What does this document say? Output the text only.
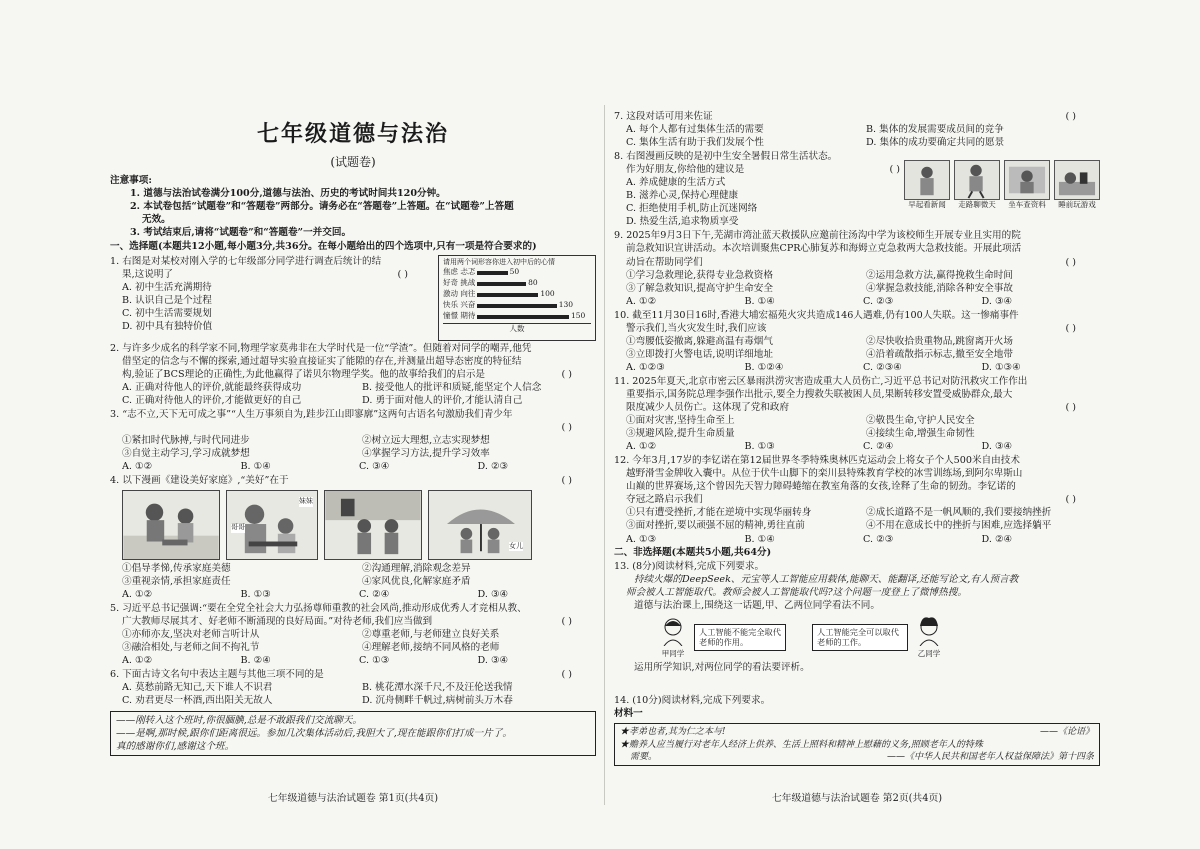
七年级道德与法治
(试题卷)
注意事项:
1. 道德与法治试卷满分100分,道德与法治、历史的考试时间共120分钟。
2. 本试卷包括“试题卷”和“答题卷”两部分。请务必在“答题卷”上答题。在“试题卷”上答题
无效。
3. 考试结束后,请将“试题卷”和“答题卷”一并交回。
一、选择题(本题共12小题,每小题3分,共36分。在每小题给出的四个选项中,只有一项是符合要求的)
1. 右图是对某校对刚入学的七年级部分同学进行调查后统计的结
果,这说明了	( )
A. 初中生活充满期待
B. 认识自己是个过程
C. 初中生活需要规划
D. 初中具有独特价值
请用两个词形容你进入初中后的心情
焦虑 忐忑	50
好奇 挑战	80
激动 向往	100
快乐 兴奋	130
憧憬 期待	150
人数
2. 与许多少成名的科学家不同,物理学家莫弗非在大学时代是一位“学渣”。但随着对同学的嘲弄,他凭
借坚定的信念与不懈的探索,通过超导实验直接证实了能隙的存在,并测量出超导态密度的特征结
构,验证了BCS理论的正确性,为此他赢得了诺贝尔物理学奖。他的故事给我们的启示是	( )
A. 正确对待他人的评价,就能最终获得成功	B. 接受他人的批评和质疑,能坚定个人信念
C. 正确对待他人的评价,才能做更好的自己	D. 勇于面对他人的评价,才能认清自己
3. “志不立,天下无可成之事”“人生万事须自为,跬步江山即寥廓”这两句古语名句激励我们青少年
( )
①紧扣时代脉搏,与时代同进步	②树立远大理想,立志实现梦想
③自觉主动学习,学习成就梦想	④掌握学习方法,提升学习效率
A. ①②	B. ①④	C. ③④	D. ②③
4. 以下漫画《建设美好家庭》,“美好”在于	( )
哥哥
妹妹
女儿
①倡导孝悌,传承家庭美德	②沟通理解,消除观念差异
③重视亲情,承担家庭责任	④家风优良,化解家庭矛盾
A. ①②	B. ①③	C. ②④	D. ③④
5. 习近平总书记强调:“要在全党全社会大力弘扬尊师重教的社会风尚,推动形成优秀人才竞相从教、
广大教师尽展其才、好老师不断涌现的良好局面。”对待老师,我们应当做到	( )
①亦师亦友,坚决对老师言听计从	②尊重老师,与老师建立良好关系
③融洽相处,与老师之间不拘礼节	④理解老师,接纳不同风格的老师
A. ①②	B. ②④	C. ①③	D. ③④
6. 下面古诗文名句中表达主题与其他三项不同的是	( )
A. 莫愁前路无知己,天下谁人不识君	B. 桃花潭水深千尺,不及汪伦送我情
C. 劝君更尽一杯酒,西出阳关无故人	D. 沉舟侧畔千帆过,病树前头万木春
——刚转入这个班时,你很腼腆,总是不敢跟我们交流聊天。
——是啊,那时候,跟你们距离很远。参加几次集体活动后,我胆大了,现在能跟你们打成一片了。
真的感谢你们,感谢这个班。
七年级道德与法治试题卷 第1页(共4页)
7. 这段对话可用来佐证	( )
A. 每个人都有过集体生活的需要	B. 集体的发展需要成员间的竞争
C. 集体生活有助于我们发展个性	D. 集体的成功要确定共同的愿景
8. 右图漫画反映的是初中生安全暑假日常生活状态。
作为好朋友,你给他的建议是	( )
A. 养成健康的生活方式
B. 滋养心灵,保持心理健康
C. 拒绝使用手机,防止沉迷网络
D. 热爱生活,追求物质享受
早起看新闻	走路聊微天	坐车查资料	睡前玩游戏
9. 2025年9月3日下午,芜湖市湾沚蓝天救援队应邀前往汤沟中学为该校师生开展专业且实用的院
前急救知识宣讲活动。本次培训聚焦CPR心肺复苏和海姆立克急救两大急救技能。开展此项活
动旨在帮助同学们	( )
①学习急救理论,获得专业急救资格	②运用急救方法,赢得挽救生命时间
③了解急救知识,提高守护生命安全	④掌握急救技能,消除各种安全事故
A. ①②	B. ①④	C. ②③	D. ③④
10. 截至11月30日16时,香港大埔宏福苑火灾共造成146人遇难,仍有100人失联。这一惨痛事件
警示我们,当火灾发生时,我们应该	( )
①弯腰低姿撤离,躲避高温有毒烟气	②尽快收拾贵重物品,跳窗离开火场
③立即拨打火警电话,说明详细地址	④沿着疏散指示标志,撤至安全地带
A. ①②③	B. ①②④	C. ②③④	D. ①③④
11. 2025年夏天,北京市密云区暴雨洪涝灾害造成重大人员伤亡,习近平总书记对防汛救灾工作作出
重要指示,国务院总理李强作出批示,要全力搜救失联被困人员,果断转移安置受威胁群众,最大
限度减少人员伤亡。这体现了党和政府	( )
①面对灾害,坚持生命至上	②敬畏生命,守护人民安全
③规避风险,提升生命质量	④接续生命,增强生命韧性
A. ①②	B. ①③	C. ②④	D. ③④
12. 今年3月,17岁的李钇诺在第12届世界冬季特殊奥林匹克运动会上将女子个人500米自由技术
越野滑雪金牌收入囊中。从位于伏牛山脚下的栾川县特殊教育学校的冰雪训练场,到阿尔卑斯山
山巅的世界赛场,这个曾因先天智力障碍蜷缩在教室角落的女孩,诠释了生命的韧劲。李钇诺的
夺冠之路启示我们	( )
①只有遭受挫折,才能在逆境中实现华丽转身	②成长道路不是一帆风顺的,我们要接纳挫折
③面对挫折,要以顽强不屈的精神,勇往直前	④不用在意成长中的挫折与困难,应选择躺平
A. ①③	B. ①④	C. ②③	D. ②④
二、非选择题(本题共5小题,共64分)
13. (8分)阅读材料,完成下列要求。
持续火爆的DeepSeek、元宝等人工智能应用载体,能聊天、能翻译,还能写论文,有人预言教
师会被人工智能取代。教师会被人工智能取代吗?这个问题一度登上了微博热搜。
道德与法治课上,围绕这一话题,甲、乙两位同学看法不同。
甲同学
人工智能不能完全取代老师的作用。
人工智能完全可以取代老师的工作。
乙同学
运用所学知识,对两位同学的看法要评析。
14. (10分)阅读材料,完成下列要求。
材料一
★孝弟也者,其为仁之本与!	——《论语》
★赡养人应当履行对老年人经济上供养、生活上照料和精神上慰藉的义务,照顾老年人的特殊
需要。	——《中华人民共和国老年人权益保障法》第十四条
七年级道德与法治试题卷 第2页(共4页)
